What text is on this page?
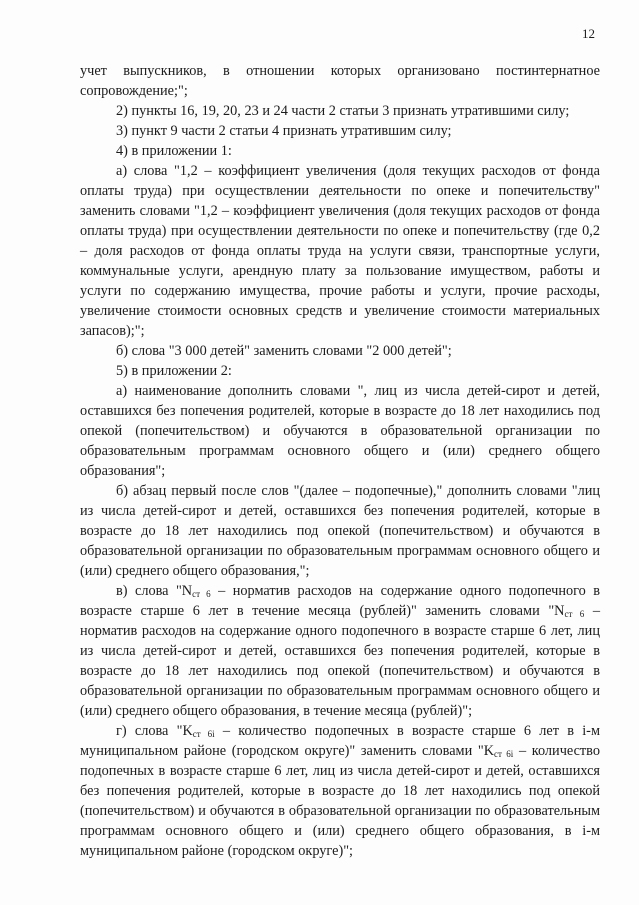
12

учет выпускников, в отношении которых организовано постинтернатное сопровождение;";

2) пункты 16, 19, 20, 23 и 24 части 2 статьи 3 признать утратившими силу;

3) пункт 9 части 2 статьи 4 признать утратившим силу;

4) в приложении 1:

а) слова "1,2 – коэффициент увеличения (доля текущих расходов от фонда оплаты труда) при осуществлении деятельности по опеке и попечительству" заменить словами "1,2 – коэффициент увеличения (доля текущих расходов от фонда оплаты труда) при осуществлении деятельности по опеке и попечительству (где 0,2 – доля расходов от фонда оплаты труда на услуги связи, транспортные услуги, коммунальные услуги, арендную плату за пользование имуществом, работы и услуги по содержанию имущества, прочие работы и услуги, прочие расходы, увеличение стоимости основных средств и увеличение стоимости материальных запасов);";

б) слова "3 000 детей" заменить словами "2 000 детей";

5) в приложении 2:

а) наименование дополнить словами ", лиц из числа детей-сирот и детей, оставшихся без попечения родителей, которые в возрасте до 18 лет находились под опекой (попечительством) и обучаются в образовательной организации по образовательным программам основного общего и (или) среднего общего образования";

б) абзац первый после слов "(далее – подопечные)," дополнить словами "лиц из числа детей-сирот и детей, оставшихся без попечения родителей, которые в возрасте до 18 лет находились под опекой (попечительством) и обучаются в образовательной организации по образовательным программам основного общего и (или) среднего общего образования,";

в) слова "$N_{ст 6}$ – норматив расходов на содержание одного подопечного в возрасте старше 6 лет в течение месяца (рублей)" заменить словами "$N_{ст 6}$ – норматив расходов на содержание одного подопечного в возрасте старше 6 лет, лиц из числа детей-сирот и детей, оставшихся без попечения родителей, которые в возрасте до 18 лет находились под опекой (попечительством) и обучаются в образовательной организации по образовательным программам основного общего и (или) среднего общего образования, в течение месяца (рублей)";

г) слова "$K_{ст 6i}$ – количество подопечных в возрасте старше 6 лет в i-м муниципальном районе (городском округе)" заменить словами "$K_{ст 6i}$ – количество подопечных в возрасте старше 6 лет, лиц из числа детей-сирот и детей, оставшихся без попечения родителей, которые в возрасте до 18 лет находились под опекой (попечительством) и обучаются в образовательной организации по образовательным программам основного общего и (или) среднего общего образования, в i-м муниципальном районе (городском округе)";
